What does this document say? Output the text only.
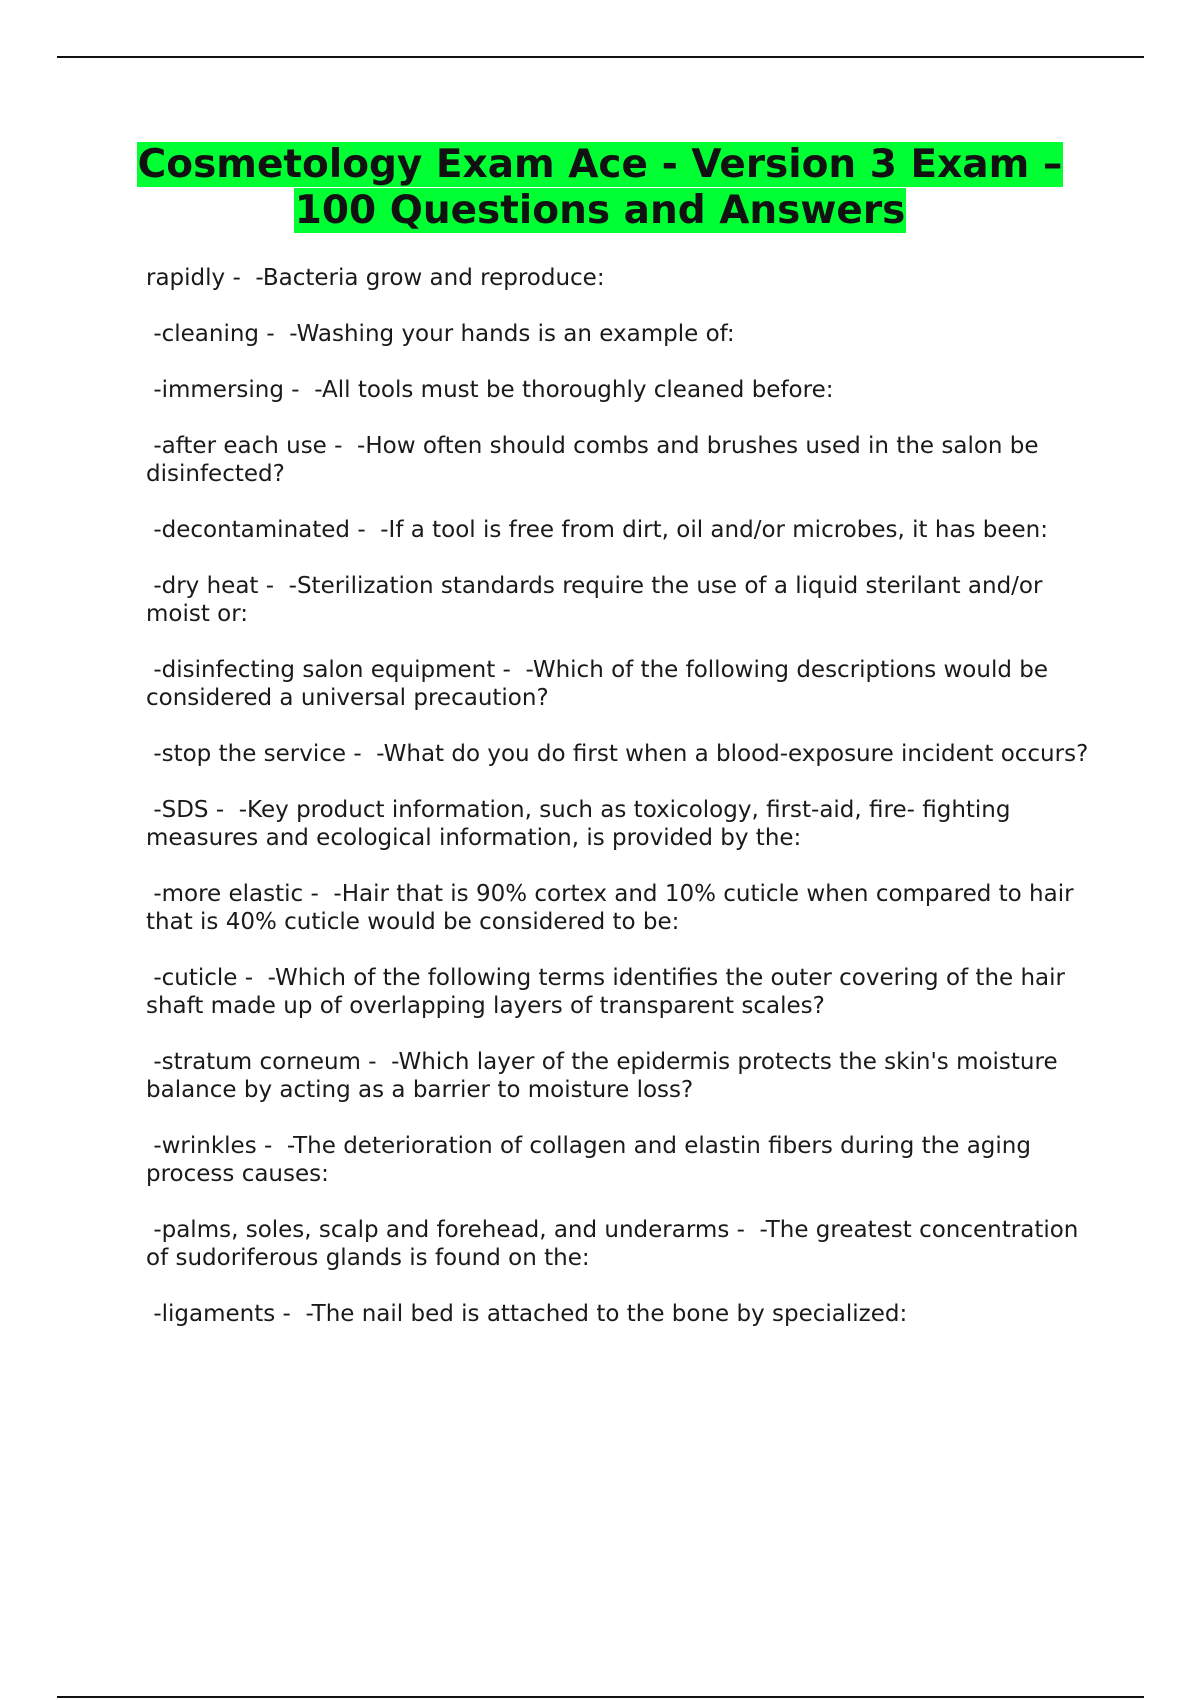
Cosmetology Exam Ace - Version 3 Exam – 100 Questions and Answers
rapidly -  -Bacteria grow and reproduce:
-cleaning -  -Washing your hands is an example of:
-immersing -  -All tools must be thoroughly cleaned before:
-after each use -  -How often should combs and brushes used in the salon be disinfected?
-decontaminated -  -If a tool is free from dirt, oil and/or microbes, it has been:
-dry heat -  -Sterilization standards require the use of a liquid sterilant and/or moist or:
-disinfecting salon equipment -  -Which of the following descriptions would be considered a universal precaution?
-stop the service -  -What do you do first when a blood-exposure incident occurs?
-SDS -  -Key product information, such as toxicology, first-aid, fire- fighting measures and ecological information, is provided by the:
-more elastic -  -Hair that is 90% cortex and 10% cuticle when compared to hair that is 40% cuticle would be considered to be:
-cuticle -  -Which of the following terms identifies the outer covering of the hair shaft made up of overlapping layers of transparent scales?
-stratum corneum -  -Which layer of the epidermis protects the skin's moisture balance by acting as a barrier to moisture loss?
-wrinkles -  -The deterioration of collagen and elastin fibers during the aging process causes:
-palms, soles, scalp and forehead, and underarms -  -The greatest concentration of sudoriferous glands is found on the:
-ligaments -  -The nail bed is attached to the bone by specialized:
